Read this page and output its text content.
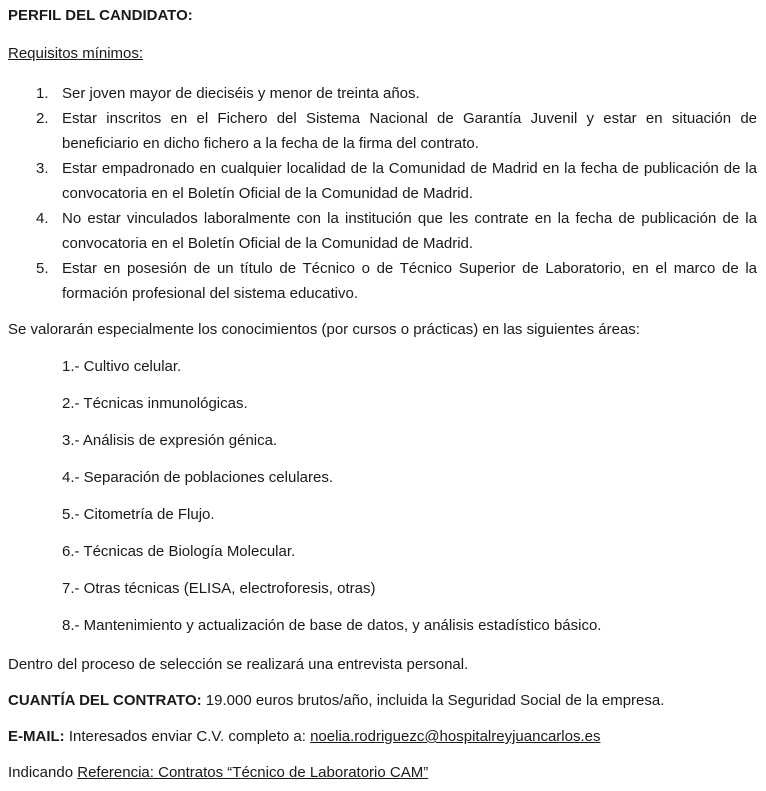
PERFIL DEL CANDIDATO:

Requisitos mínimos:

1. Ser joven mayor de dieciséis y menor de treinta años.
2. Estar inscritos en el Fichero del Sistema Nacional de Garantía Juvenil y estar en situación de beneficiario en dicho fichero a la fecha de la firma del contrato.
3. Estar empadronado en cualquier localidad de la Comunidad de Madrid en la fecha de publicación de la convocatoria en el Boletín Oficial de la Comunidad de Madrid.
4. No estar vinculados laboralmente con la institución que les contrate en la fecha de publicación de la convocatoria en el Boletín Oficial de la Comunidad de Madrid.
5. Estar en posesión de un título de Técnico o de Técnico Superior de Laboratorio, en el marco de la formación profesional del sistema educativo.

Se valorarán especialmente los conocimientos (por cursos o prácticas) en las siguientes áreas:

1.- Cultivo celular.

2.- Técnicas inmunológicas.

3.- Análisis de expresión génica.

4.- Separación de poblaciones celulares.

5.- Citometría de Flujo.

6.- Técnicas de Biología Molecular.

7.- Otras técnicas (ELISA, electroforesis, otras)

8.- Mantenimiento y actualización de base de datos, y análisis estadístico básico.

Dentro del proceso de selección se realizará una entrevista personal.

CUANTÍA DEL CONTRATO: 19.000 euros brutos/año, incluida la Seguridad Social de la empresa.

E-MAIL: Interesados enviar C.V. completo a: noelia.rodriguezc@hospitalreyjuancarlos.es

Indicando Referencia: Contratos “Técnico de Laboratorio CAM”
